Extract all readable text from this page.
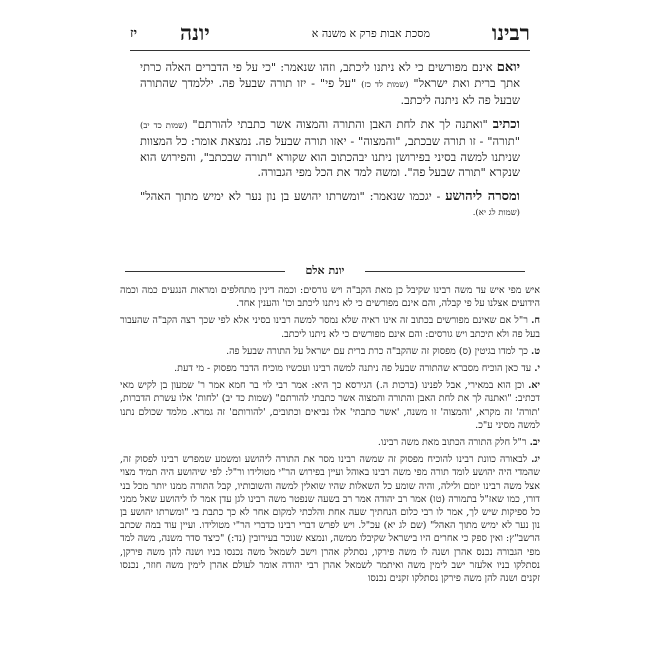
רבינו
מסכת אבות פרק א משנה א
יונה
יז

יואם אינם מפורשים כי לא ניתנו ליכתב, וזהו שנאמר: "כי על פי הדברים האלה כרתי אתך ברית ואת ישראל" (שמות לד כז) "על פי" - יזו תורה שבעל פה. יללמדך שהתורה שבעל פה לא ניתנה ליכתב.

וכתיב "ואתנה לך את לחת האבן והתורה והמצוה אשר כתבתי להורתם" (שמות כד יב) "תורה" - זו תורה שבכתב, "והמצוה" - יאזו תורה שבעל פה. נמצאת אומר: כל המצוות שניתנו למשה בסיני בפירושן ניתנו יבהכתוב הוא שקורא "תורה שבכתב", והפירוש הוא שנקרא "תורה שבעל פה". ומשה למד את הכל מפי הגבורה.

ומסרה ליהושע - יגכמו שנאמר: "ומשרתו יהושע בן נון נער לא ימיש מתוך האהל" (שמות לג יא).

יונת אלם

איש מפי איש עד משה רבינו שקיבל כן מאת הקב"ה ויש גורסים: וכמה דינין מתחלפים ומראות הנגעים כמה וכמה הידועים אצלנו על פי קבלה, והם אינם מפורשים כי לא ניתנו ליכתב וכו' והענין אחד.

ח. ר"ל אם שאינם מפורשים בכתוב זה אינו ראיה שלא נמסר למשה רבינו בסיני אלא לפי שכך רצה הקב"ה שהעבור בעל פה ולא תיכתב ויש גורסים: והם אינם מפורשים כי לא ניתנו ליכתב.

ט. כך למדו בגיטין (ס) מפסוק זה שהקב"ה כרת ברית עם ישראל על התורה שבעל פה.

י. עד כאן הוכיח מסברא שהתורה שבעל פה ניתנה למשה רבינו ועכשיו מוכיח הדבר מפסוק - מי דעת.

יא. וכן הוא במאירי, אבל לפנינו (ברכות ה.) הגירסא כך היא: אמר רבי לוי בר חמא אמר ר' שמעון בן לקיש מאי דכתיב: "ואתנה לך את לחת האבן והתורה והמצוה אשר כתבתי להורתם" (שמות כד יב) 'לחות' אלו עשרת הדברות, 'תורה' זה מקרא, 'והמצוה' זו משנה, 'אשר כתבתי' אלו נביאים וכתובים, 'להורותם' זה גמרא. מלמד שכולם נתנו למשה מסיני ע"כ.

יב. ר"ל חלק התורה הכתוב מאת משה רבינו.

יג. לבאורה כוונת רבינו להוכיח מפסוק זה שמשה רבינו מסר את התורה ליהושע ומשמע שמפרש רבינו לפסוק זה, שהמדי היה יהושע לומד תורה מפי משה רבינו באוהל ועיין בפירוש הר"י מטולידו ור"ל: לפי שיהושע היה תמיד מצוי אצל משה רבינו יומם ולילה, והיה שומע כל השאלות שהיו שואלין למשה והשובותיו, קבל התורה ממנו יותר מכל בני דורו, כמו שאז"ל בתמורה (טו) אמר רב יהודה אמר רב בשעה שנפטר משה רבינו לגן עדן אמר לו ליהושע שאל ממני כל ספיקות שיש לך, אמר לו רבי כלום הנחתיך שעה אחת והלכתי למקום אחר לא כך כתבת בי "ומשרתו יהושע בן נון נער לא ימיש מתוך האהל" (שם לג יא) עכ"ל. ויש לפרש דברי רבינו כדברי הר"י מטולידו. ועיין עוד במה שכתב הרשב"ץ: ואין ספק כי אחרים היו בישראל שקיבלו ממשה, ונמצא שנוכר בעירובין (נד:) "כיצד סדר משנה, משה למד מפי הגבורה נכנס אהרן ושנה לו משה פירקו, נסתלק אהרן וישב לשמאל משה נכנסו בניו ושנה להן משה פירקן, נסתלקו בניו אלעזר ישב לימין משה ואיתמר לשמאל אהרן רבי יהודה אומר לעולם אהרן לימין משה חוזר, נכנסו זקנים ושנה להן משה פירקן נסתלקו זקנים נכנסו
